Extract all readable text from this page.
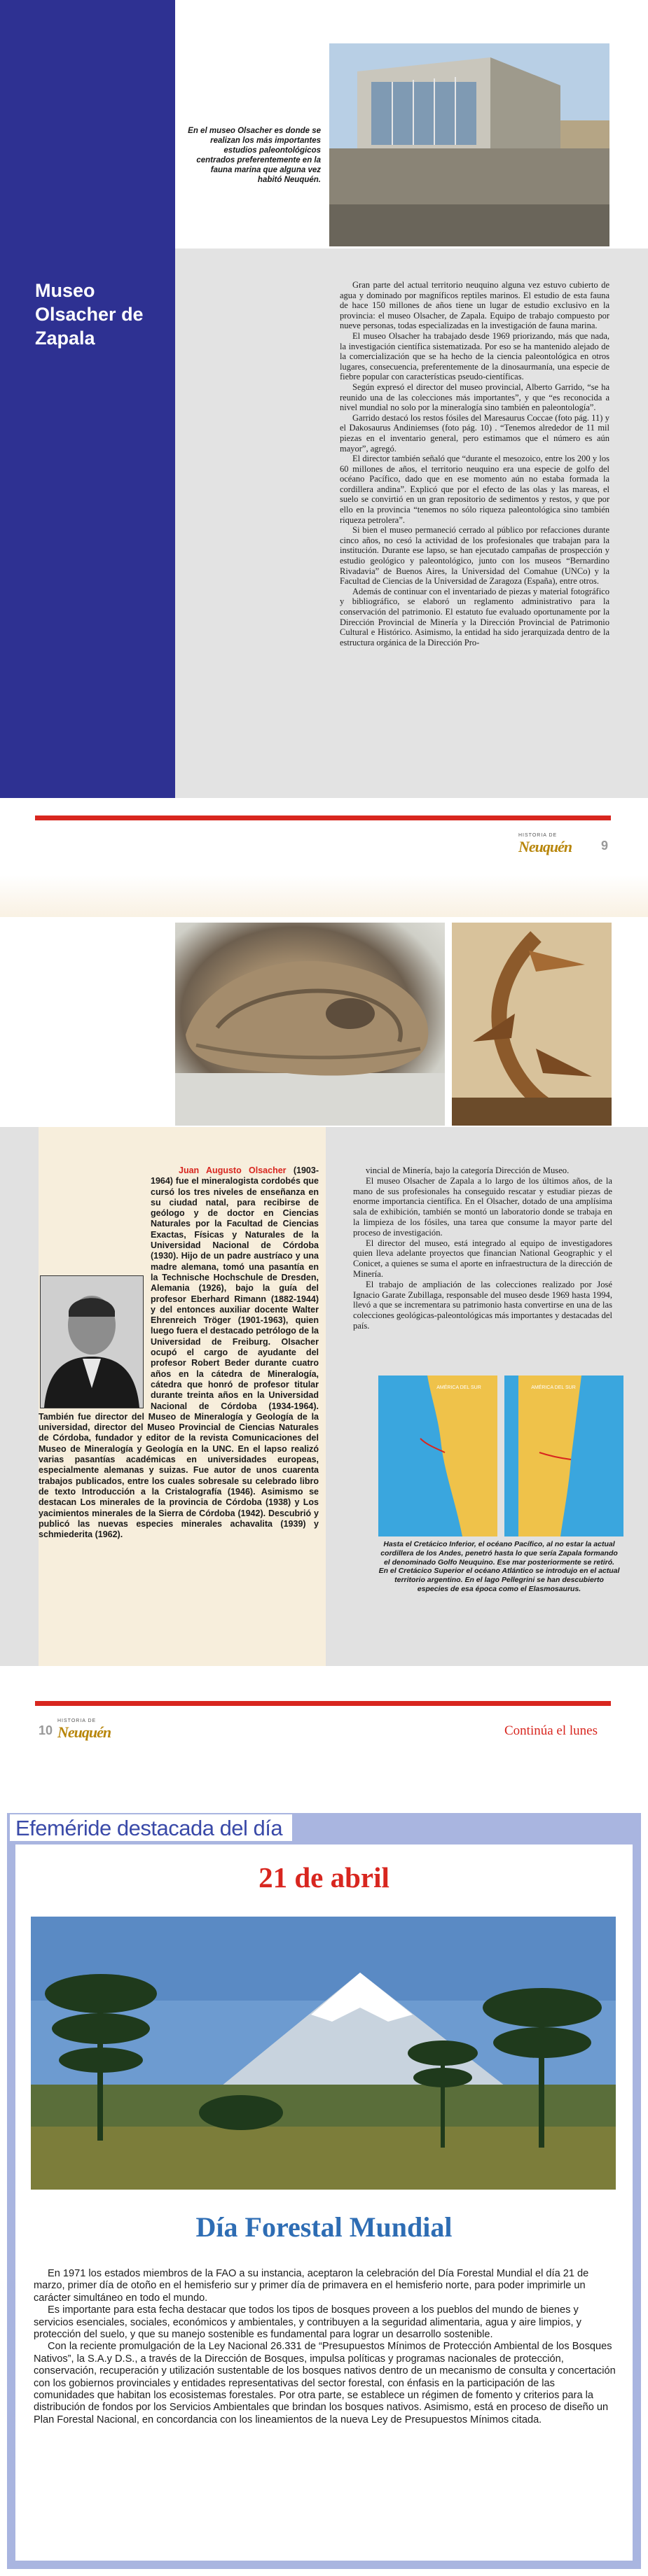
En el museo Olsacher es donde se realizan los más importantes estudios paleontológicos centrados preferentemente en la fauna marina que alguna vez habitó Neuquén.
Museo Olsacher de Zapala

Gran parte del actual territorio neuquino alguna vez estuvo cubierto de agua y dominado por magníficos reptiles marinos. El estudio de esta fauna de hace 150 millones de años tiene un lugar de estudio exclusivo en la provincia: el museo Olsacher, de Zapala. Equipo de trabajo compuesto por nueve personas, todas especializadas en la investigación de fauna marina.

El museo Olsacher ha trabajado desde 1969 priorizando, más que nada, la investigación científica sistematizada. Por eso se ha mantenido alejado de la comercialización que se ha hecho de la ciencia paleontológica en otros lugares, consecuencia, preferentemente de la dinosaurmanía, una especie de fiebre popular con características pseudo-científicas.

Según expresó el director del museo provincial, Alberto Garrido, “se ha reunido una de las colecciones más importantes”, y que “es reconocida a nivel mundial no solo por la mineralogía sino también en paleontología”.

Garrido destacó los restos fósiles del Maresaurus Coccae (foto pág. 11) y el Dakosaurus Andiniemses (foto pág. 10) . “Tenemos alrededor de 11 mil piezas en el inventario general, pero estimamos que el número es aún mayor”, agregó.

El director también señaló que “durante el mesozoico, entre los 200 y los 60 millones de años, el territorio neuquino era una especie de golfo del océano Pacífico, dado que en ese momento aún no estaba formada la cordillera andina”. Explicó que por el efecto de las olas y las mareas, el suelo se convirtió en un gran repositorio de sedimentos y restos, y que por ello en la provincia “tenemos no sólo riqueza paleontológica sino también riqueza petrolera”.

Si bien el museo permaneció cerrado al público por refacciones durante cinco años, no cesó la actividad de los profesionales que trabajan para la institución. Durante ese lapso, se han ejecutado campañas de prospección y estudio geológico y paleontológico, junto con los museos “Bernardino Rivadavia” de Buenos Aires, la Universidad del Comahue (UNCo) y la Facultad de Ciencias de la Universidad de Zaragoza (España), entre otros.

Además de continuar con el inventariado de piezas y material fotográfico y bibliográfico, se elaboró un reglamento administrativo para la conservación del patrimonio. El estatuto fue evaluado oportunamente por la Dirección Provincial de Minería y la Dirección Provincial de Patrimonio Cultural e Histórico. Asimismo, la entidad ha sido jerarquizada dentro de la estructura orgánica de la Dirección Pro-

HISTORIA DE
Neuquén 9
Juan Augusto Olsacher (1903-1964) fue el mineralogista cordobés que cursó los tres niveles de enseñanza en su ciudad natal, para recibirse de geólogo y de doctor en Ciencias Naturales por la Facultad de Ciencias Exactas, Físicas y Naturales de la Universidad Nacional de Córdoba (1930). Hijo de un padre austríaco y una madre alemana, tomó una pasantía en la Technische Hochschule de Dresden, Alemania (1926), bajo la guía del profesor Eberhard Rimann (1882-1944) y del entonces auxiliar docente Walter Ehrenreich Tröger (1901-1963), quien luego fuera el destacado petrólogo de la Universidad de Freiburg. Olsacher ocupó el cargo de ayudante del profesor Robert Beder durante cuatro años en la cátedra de Mineralogía, cátedra que honró de profesor titular durante treinta años en la Universidad Nacional de Córdoba (1934-1964). También fue director del Museo de Mineralogía y Geología de la universidad, director del Museo Provincial de Ciencias Naturales de Córdoba, fundador y editor de la revista Comunicaciones del Museo de Mineralogía y Geología en la UNC. En el lapso realizó varias pasantías académicas en universidades europeas, especialmente alemanas y suizas. Fue autor de unos cuarenta trabajos publicados, entre los cuales sobresale su celebrado libro de texto Introducción a la Cristalografía (1946). Asimismo se destacan Los minerales de la provincia de Córdoba (1938) y Los yacimientos minerales de la Sierra de Córdoba (1942). Descubrió y publicó las nuevas especies minerales achavalita (1939) y schmiederita (1962).

vincial de Minería, bajo la categoría Dirección de Museo.

El museo Olsacher de Zapala a lo largo de los últimos años, de la mano de sus profesionales ha conseguido rescatar y estudiar piezas de enorme importancia científica. En el Olsacher, dotado de una amplísima sala de exhibición, también se montó un laboratorio donde se trabaja en la limpieza de los fósiles, una tarea que consume la mayor parte del proceso de investigación.

El director del museo, está integrado al equipo de investigadores quien lleva adelante proyectos que financian National Geographic y el Conicet, a quienes se suma el aporte en infraestructura de la dirección de Minería.

El trabajo de ampliación de las colecciones realizado por José Ignacio Garate Zubillaga, responsable del museo desde 1969 hasta 1994, llevó a que se incrementara su patrimonio hasta convertirse en una de las colecciones geológicas-paleontológicas más importantes y destacadas del país.

AMÉRICA DEL SUR	AMÉRICA DEL SUR
Hasta el Cretácico Inferior, el océano Pacífico, al no estar la actual cordillera de los Andes, penetró hasta lo que sería Zapala formando el denominado Golfo Neuquino. Ese mar posteriormente se retiró. En el Cretácico Superior el océano Atlántico se introdujo en el actual territorio argentino. En el lago Pellegrini se han descubierto especies de esa época como el Elasmosaurus.
10
HISTORIA DE
Neuquén	Continúa el lunes
Efeméride destacada del día
21 de abril
Día Forestal Mundial

En 1971 los estados miembros de la FAO a su instancia, aceptaron la celebración del Día Forestal Mundial el día 21 de marzo, primer día de otoño en el hemisferio sur y primer día de primavera en el hemisferio norte, para poder imprimirle un carácter simultáneo en todo el mundo.

Es importante para esta fecha destacar que todos los tipos de bosques proveen a los pueblos del mundo de bienes y servicios esenciales, sociales, económicos y ambientales, y contribuyen a la seguridad alimentaria, agua y aire limpios, y protección del suelo, y que su manejo sostenible es fundamental para lograr un desarrollo sostenible.

Con la reciente promulgación de la Ley Nacional 26.331 de “Presupuestos Mínimos de Protección Ambiental de los Bosques Nativos”, la S.A.y D.S., a través de la Dirección de Bosques, impulsa políticas y programas nacionales de protección, conservación, recuperación y utilización sustentable de los bosques nativos dentro de un mecanismo de consulta y concertación con los gobiernos provinciales y entidades representativas del sector forestal, con énfasis en la participación de las comunidades que habitan los ecosistemas forestales. Por otra parte, se establece un régimen de fomento y criterios para la distribución de fondos por los Servicios Ambientales que brindan los bosques nativos. Asimismo, está en proceso de diseño un Plan Forestal Nacional, en concordancia con los lineamientos de la nueva Ley de Presupuestos Mínimos citada.
